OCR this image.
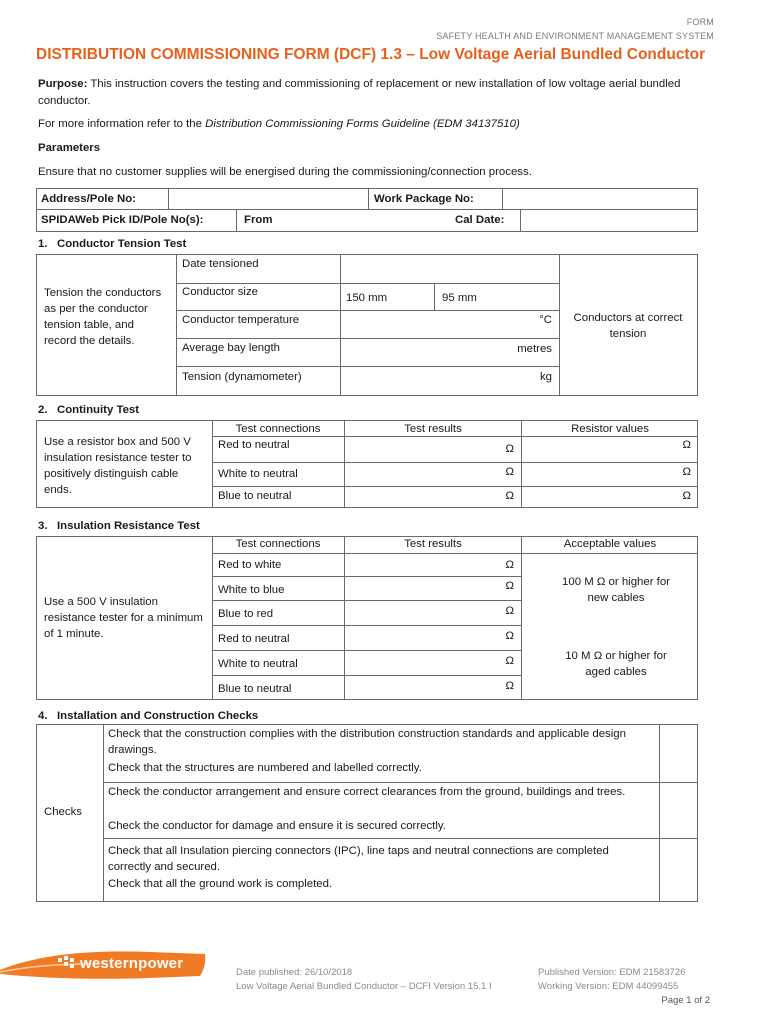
FORM
SAFETY HEALTH AND ENVIRONMENT MANAGEMENT SYSTEM
DISTRIBUTION COMMISSIONING FORM (DCF) 1.3 – Low Voltage Aerial Bundled Conductor
Purpose: This instruction covers the testing and commissioning of replacement or new installation of low voltage aerial bundled conductor.
For more information refer to the Distribution Commissioning Forms Guideline (EDM 34137510)
Parameters
Ensure that no customer supplies will be energised during the commissioning/connection process.
Address/Pole No:	Work Package No:
SPIDAWeb Pick ID/Pole No(s):	From	Cal Date:
1.   Conductor Tension Test
Tension the conductors as per the conductor tension table, and record the details.
Date tensioned
Conductor size	150 mm	95 mm
Conductor temperature	°C
Average bay length	metres
Tension (dynamometer)	kg
Conductors at correct tension
2.   Continuity Test
Use a resistor box and 500 V insulation resistance tester to positively distinguish cable ends.
Test connections	Test results	Resistor values
Red to neutral	Ω	Ω
White to neutral	Ω	Ω
Blue to neutral	Ω	Ω
3.   Insulation Resistance Test
Use a 500 V insulation resistance tester for a minimum of 1 minute.
Test connections	Test results	Acceptable values
Red to white	Ω
White to blue	Ω
Blue to red	Ω
Red to neutral	Ω
White to neutral	Ω
Blue to neutral	Ω
100 M Ω or higher for new cables
10 M Ω or higher for aged cables
4.   Installation and Construction Checks
Checks
Check that the construction complies with the distribution construction standards and applicable design drawings.
Check that the structures are numbered and labelled correctly.
Check the conductor arrangement and ensure correct clearances from the ground, buildings and trees.
Check the conductor for damage and ensure it is secured correctly.
Check that all Insulation piercing connectors (IPC), line taps and neutral connections are completed correctly and secured.
Check that all the ground work is completed.
westernpower
Date published: 26/10/2018
Low Voltage Aerial Bundled Conductor – DCFI Version 15.1 I
Published Version: EDM 21583726
Working Version: EDM 44099455
Page 1 of 2
